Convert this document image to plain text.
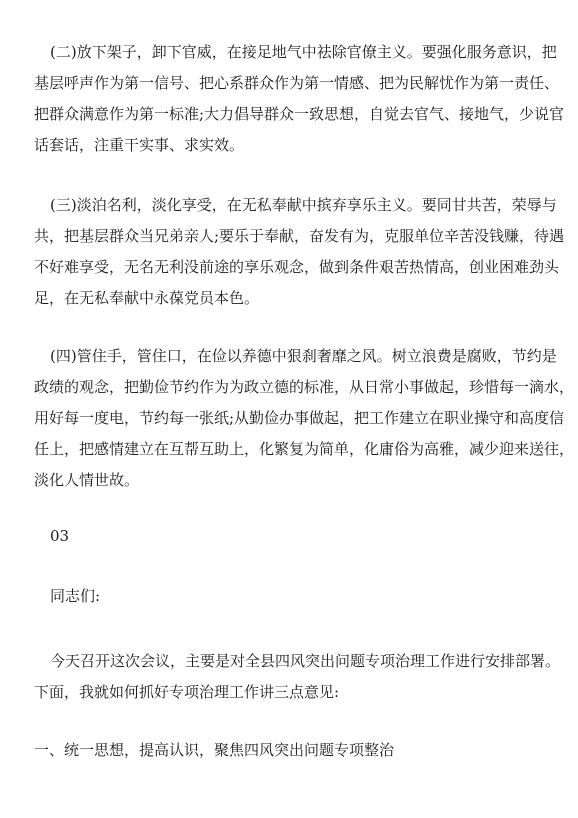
(二)放下架子，卸下官威，在接足地气中祛除官僚主义。要强化服务意识，把
基层呼声作为第一信号、把心系群众作为第一情感、把为民解忧作为第一责任、
把群众满意作为第一标准;大力倡导群众一致思想，自觉去官气、接地气，少说官
话套话，注重干实事、求实效。
(三)淡泊名利，淡化享受，在无私奉献中摈弃享乐主义。要同甘共苦，荣辱与
共，把基层群众当兄弟亲人;要乐于奉献，奋发有为，克服单位辛苦没钱赚，待遇
不好难享受，无名无利没前途的享乐观念，做到条件艰苦热情高，创业困难劲头
足，在无私奉献中永葆党员本色。
(四)管住手，管住口，在俭以养德中狠刹奢靡之风。树立浪费是腐败，节约是
政绩的观念，把勤俭节约作为为政立德的标准，从日常小事做起，珍惜每一滴水，
用好每一度电，节约每一张纸;从勤俭办事做起，把工作建立在职业操守和高度信
任上，把感情建立在互帮互助上，化繁复为简单，化庸俗为高雅，减少迎来送往，
淡化人情世故。
03
同志们:
今天召开这次会议，主要是对全县四风突出问题专项治理工作进行安排部署。
下面，我就如何抓好专项治理工作讲三点意见:
一、统一思想，提高认识，聚焦四风突出问题专项整治
